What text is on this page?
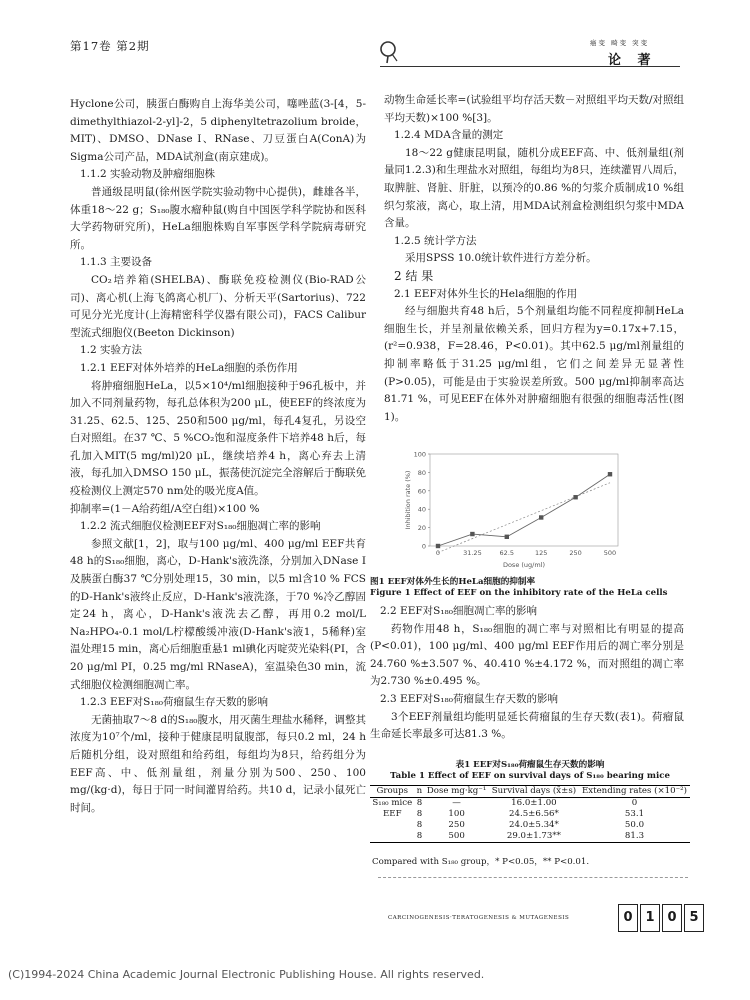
第17卷 第2期	癌变 畸变 突变
论 著

Hyclone公司，胰蛋白酶购自上海华美公司，噻唑蓝(3-[4，5-dimethylthiazol-2-yl]-2，5 diphenyltetrazolium broide，MIT)、DMSO、DNase Ⅰ、RNase、刀豆蛋白A(ConA)为Sigma公司产品，MDA试剂盒(南京建成)。

1.1.2 实验动物及肿瘤细胞株

普通级昆明鼠(徐州医学院实验动物中心提供)，雌雄各半，体重18～22 g；S₁₈₀腹水瘤种鼠(购自中国医学科学院协和医科大学药物研究所)，HeLa细胞株购自军事医学科学院病毒研究所。

1.1.3 主要设备

CO₂培养箱(SHELBA)、酶联免疫检测仪(Bio-RAD公司)、离心机(上海飞鸽离心机厂)、分析天平(Sartorius)、722可见分光光度计(上海精密科学仪器有限公司)，FACS Calibur型流式细胞仪(Beeton Dickinson)

1.2 实验方法

1.2.1 EEF对体外培养的HeLa细胞的杀伤作用

将肿瘤细胞HeLa，以5×10⁴/ml细胞接种于96孔板中，并加入不同剂量药物，每孔总体积为200 μL，使EEF的终浓度为31.25、62.5、125、250和500 μg/ml，每孔4复孔，另设空白对照组。在37 ℃、5 %CO₂饱和湿度条件下培养48 h后，每孔加入MIT(5 mg/ml)20 μL，继续培养4 h，离心弃去上清液，每孔加入DMSO 150 μL，振荡使沉淀完全溶解后于酶联免疫检测仪上测定570 nm处的吸光度A值。

抑制率=(1－A给药组/A空白组)×100 %

1.2.2 流式细胞仪检测EEF对S₁₈₀细胞凋亡率的影响

参照文献[1，2]，取与100 μg/ml、400 μg/ml EEF共育48 h的S₁₈₀细胞，离心，D-Hank's液洗涤，分别加入DNase Ⅰ及胰蛋白酶37 ℃分别处理15，30 min，以5 ml含10 % FCS的D-Hank's液终止反应，D-Hank's液洗涤，于70 %冷乙醇固定24 h，离心，D-Hank's液洗去乙醇，再用0.2 mol/L Na₂HPO₄-0.1 mol/L柠檬酸缓冲液(D-Hank's液1，5稀释)室温处理15 min，离心后细胞重悬1 ml碘化丙啶荧光染料(PI，含20 μg/ml PI，0.25 mg/ml RNaseA)，室温染色30 min，流式细胞仪检测细胞凋亡率。

1.2.3 EEF对S₁₈₀荷瘤鼠生存天数的影响

无菌抽取7～8 d的S₁₈₀腹水，用灭菌生理盐水稀释，调整其浓度为10⁷个/ml，接种于健康昆明鼠腹部，每只0.2 ml，24 h后随机分组，设对照组和给药组，每组均为8只，给药组分为EEF高、中、低剂量组，剂量分别为500、250、100 mg/(kg·d)，每日于同一时间灌胃给药。共10 d，记录小鼠死亡时间。

动物生命延长率=(试验组平均存活天数－对照组平均天数/对照组平均天数)×100 %[3]。

1.2.4 MDA含量的测定

18～22 g健康昆明鼠，随机分成EEF高、中、低剂量组(剂量同1.2.3)和生理盐水对照组，每组均为8只，连续灌胃八周后，取脾脏、肾脏、肝脏，以预冷的0.86 %的匀浆介质制成10 %组织匀浆液，离心，取上清，用MDA试剂盒检测组织匀浆中MDA含量。

1.2.5 统计学方法

采用SPSS 10.0统计软件进行方差分析。

2 结 果

2.1 EEF对体外生长的Hela细胞的作用

经与细胞共育48 h后，5个剂量组均能不同程度抑制HeLa细胞生长，并呈剂量依赖关系，回归方程为y=0.17x+7.15，(r²=0.938，F=28.46，P<0.01)。其中62.5 μg/ml剂量组的抑制率略低于31.25 μg/ml组，它们之间差异无显著性(P>0.05)，可能是由于实验误差所致。500 μg/ml抑制率高达 81.71 %，可见EEF在体外对肿瘤细胞有很强的细胞毒活性(图1)。

0
20
40
60
80
100
0	31.25	62.5	125	250	500
Inhibition rate (%)
Dose (ug/ml)

图1 EEF对体外生长的HeLa细胞的抑制率

Figure 1 Effect of EEF on the inhibitory rate of the HeLa cells

2.2 EEF对S₁₈₀细胞凋亡率的影响

药物作用48 h，S₁₈₀细胞的凋亡率与对照相比有明显的提高(P<0.01)，100 μg/ml、400 μg/ml EEF作用后的凋亡率分别是24.760 %±3.507 %、40.410 %±4.172 %，而对照组的凋亡率为2.730 %±0.495 %。

2.3 EEF对S₁₈₀荷瘤鼠生存天数的影响

3个EEF剂量组均能明显延长荷瘤鼠的生存天数(表1)。荷瘤鼠生命延长率最多可达81.3 %。

表1 EEF对S₁₈₀荷瘤鼠生存天数的影响
Table 1 Effect of EEF on survival days of S₁₈₀ bearing mice
Groups	n	Dose mg·kg⁻¹	Survival days (x̄±s)	Extending rates (×10⁻²)
S₁₈₀ mice	8	—	16.0±1.00	0
EEF	8	100	24.5±6.56*	53.1
	8	250	24.0±5.34*	50.0
	8	500	29.0±1.73**	81.3
Compared with S₁₈₀ group，* P<0.05，** P<0.01.
CARCINOGENESIS·TERATOGENESIS & MUTAGENESIS	0 1 0 5
(C)1994-2024 China Academic Journal Electronic Publishing House. All rights reserved.
